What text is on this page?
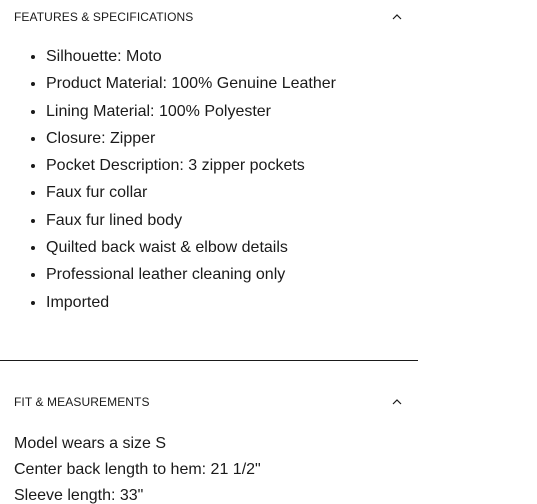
FEATURES & SPECIFICATIONS
• Silhouette: Moto
• Product Material: 100% Genuine Leather
• Lining Material: 100% Polyester
• Closure: Zipper
• Pocket Description: 3 zipper pockets
• Faux fur collar
• Faux fur lined body
• Quilted back waist & elbow details
• Professional leather cleaning only
• Imported
FIT & MEASUREMENTS
Model wears a size S
Center back length to hem: 21 1/2"
Sleeve length: 33"
